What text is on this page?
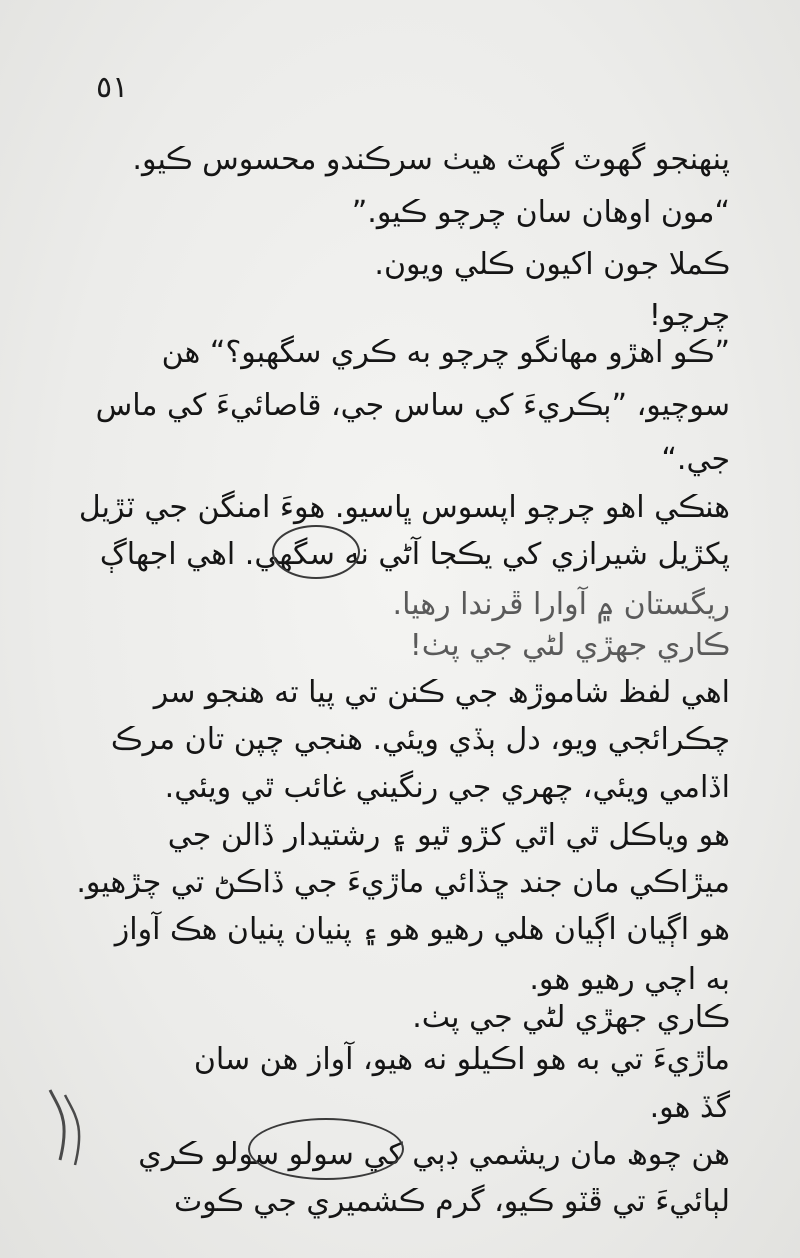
٥١
پنھنجو گھوٽ گھٽ ھيٺ سرڪندو محسوس ڪيو.
“مون اوھان سان چرچو ڪيو.”
ڪملا جون اکيون ڪلي ويون.
چرچو!
”ڪو اھڙو مھانگو چرچو به ڪري سگھبو؟“ ھن
سوچيو، ”ٻڪريءَ کي ساس جي، قاصائيءَ کي ماس
جي.“
ھنڪي اھو چرچو اپسوس ڀاسيو. ھوءَ امنگن جي ٽڙيل
پکڙيل شيرازي کي يڪجا آڻي نه سگھي. اھي اجھاڳ
ريگستان ۾ آوارا ڦرندا رھيا.
ڪاري جھڙي لڻي جي پٺ!
اھي لفظ شاموڙھ جي ڪنن تي پيا ته ھنجو سر
چڪرائجي ويو، دل ٻڏي ويئي. ھنجي چپن تان مرڪ
اڏامي ويئي، چھري جي رنگيني غائب ٿي ويئي.
ھو وياڪل ٿي اٿي کڙو ٿيو ۽ رشتيدار ڏالن جي
ميڙاڪي مان جند ڇڏائي ماڙيءَ جي ڏاڪڻ تي چڙھيو.
ھو اڳيان اڳيان ھلي رھيو ھو ۽ پنيان پنيان ھڪ آواز
به اچي رھيو ھو.
ڪاري جھڙي لڻي جي پٺ.
ماڙيءَ تي به ھو اڪيلو نه ھيو، آواز ھن سان
گڏ ھو.
ھن چوھ مان ريشمي ڊٻي کي سولو سولو ڪري
لٻائيءَ تي ڦٽو ڪيو، گرم ڪشميري جي ڪوٽ
